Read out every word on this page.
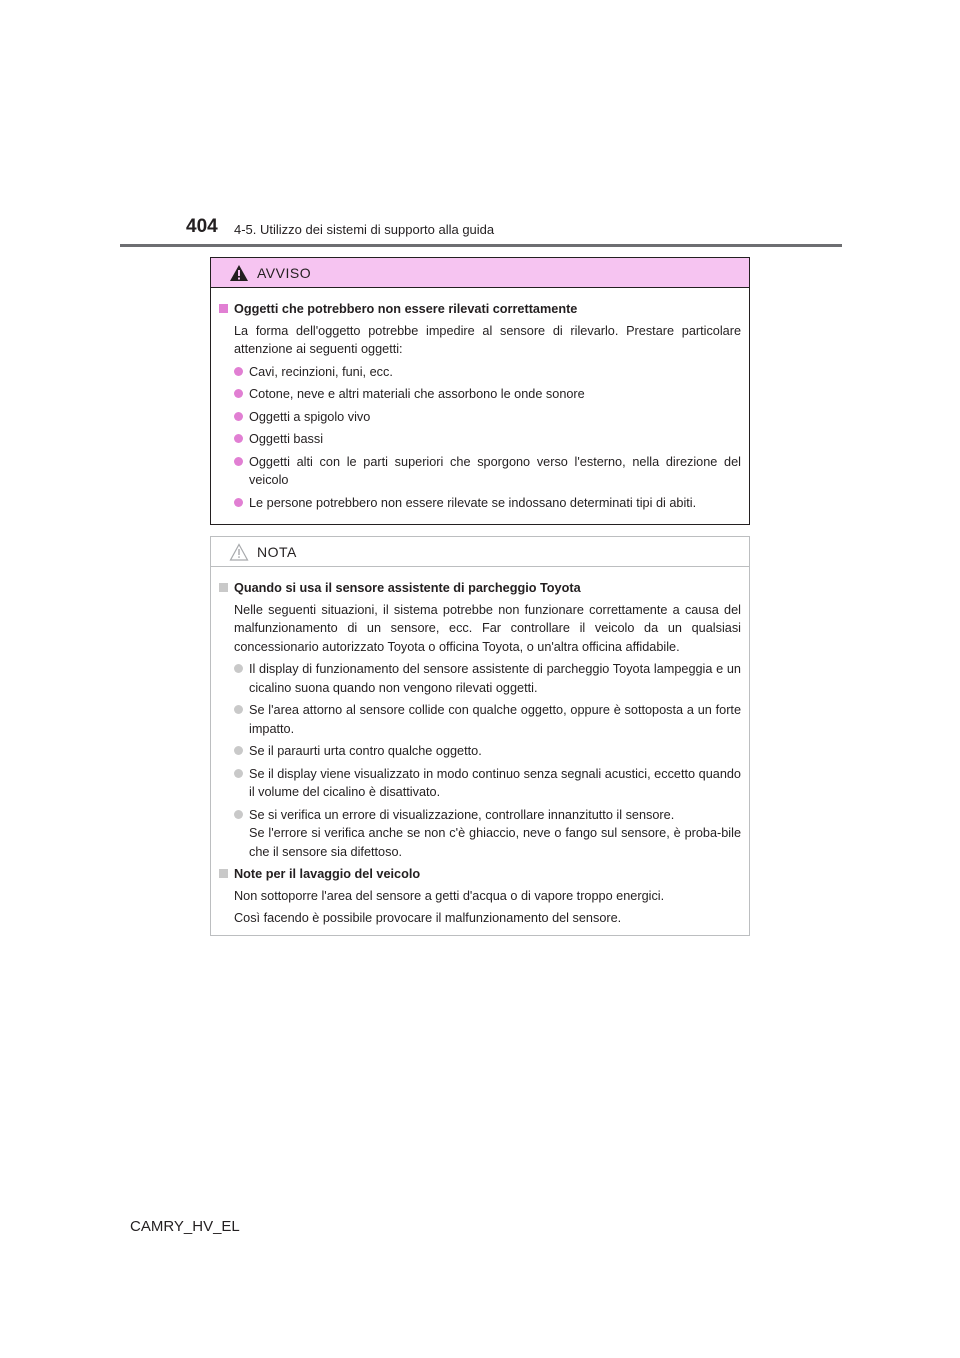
404 4-5. Utilizzo dei sistemi di supporto alla guida
AVVISO
Oggetti che potrebbero non essere rilevati correttamente
La forma dell'oggetto potrebbe impedire al sensore di rilevarlo. Prestare particolare attenzione ai seguenti oggetti:
Cavi, recinzioni, funi, ecc.
Cotone, neve e altri materiali che assorbono le onde sonore
Oggetti a spigolo vivo
Oggetti bassi
Oggetti alti con le parti superiori che sporgono verso l'esterno, nella direzione del veicolo
Le persone potrebbero non essere rilevate se indossano determinati tipi di abiti.
NOTA
Quando si usa il sensore assistente di parcheggio Toyota
Nelle seguenti situazioni, il sistema potrebbe non funzionare correttamente a causa del malfunzionamento di un sensore, ecc. Far controllare il veicolo da un qualsiasi concessionario autorizzato Toyota o officina Toyota, o un'altra officina affidabile.
Il display di funzionamento del sensore assistente di parcheggio Toyota lampeggia e un cicalino suona quando non vengono rilevati oggetti.
Se l'area attorno al sensore collide con qualche oggetto, oppure è sottoposta a un forte impatto.
Se il paraurti urta contro qualche oggetto.
Se il display viene visualizzato in modo continuo senza segnali acustici, eccetto quando il volume del cicalino è disattivato.
Se si verifica un errore di visualizzazione, controllare innanzitutto il sensore.
Se l'errore si verifica anche se non c'è ghiaccio, neve o fango sul sensore, è proba-bile che il sensore sia difettoso.
Note per il lavaggio del veicolo
Non sottoporre l'area del sensore a getti d'acqua o di vapore troppo energici.
Così facendo è possibile provocare il malfunzionamento del sensore.
CAMRY_HV_EL
